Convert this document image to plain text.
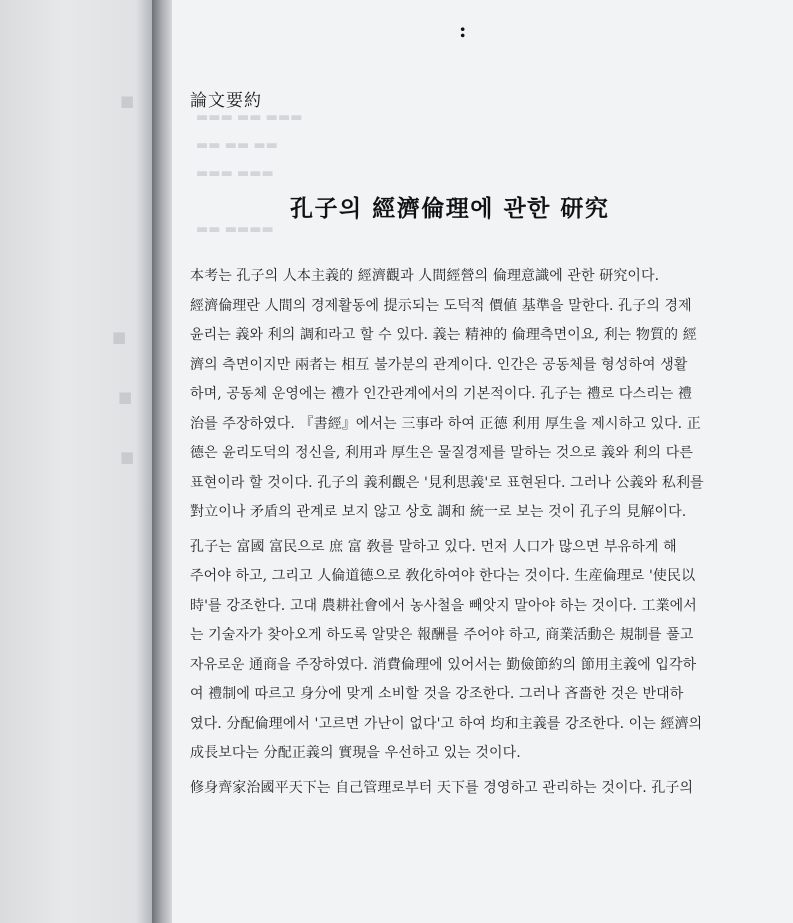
■
■
■
■
▬▬▬ ▬▬ ▬▬▬
▬▬ ▬▬ ▬▬
▬▬▬ ▬▬▬
▬▬ ▬▬▬▬
:
論文要約
孔子의 經濟倫理에 관한 研究
本考는 孔子의 人本主義的 經濟觀과 人間經營의 倫理意識에 관한 研究이다.
經濟倫理란 人間의 경제활동에 提示되는 도덕적 價値 基準을 말한다. 孔子의 경제
윤리는 義와 利의 調和라고 할 수 있다. 義는 精神的 倫理측면이요, 利는 物質的 經
濟의 측면이지만 兩者는 相互 불가분의 관계이다. 인간은 공동체를 형성하여 생활
하며, 공동체 운영에는 禮가 인간관계에서의 기본적이다. 孔子는 禮로 다스리는 禮
治를 주장하였다. 『書經』에서는 三事라 하여 正德 利用 厚生을 제시하고 있다. 正
德은 윤리도덕의 정신을, 利用과 厚生은 물질경제를 말하는 것으로 義와 利의 다른
표현이라 할 것이다. 孔子의 義利觀은 '見利思義'로 표현된다. 그러나 公義와 私利를
對立이나 矛盾의 관계로 보지 않고 상호 調和 統一로 보는 것이 孔子의 見解이다.
孔子는 富國 富民으로 庶 富 敎를 말하고 있다. 먼저 人口가 많으면 부유하게 해
주어야 하고, 그리고 人倫道德으로 敎化하여야 한다는 것이다. 生産倫理로 '使民以
時'를 강조한다. 고대 農耕社會에서 농사철을 빼앗지 말아야 하는 것이다. 工業에서
는 기술자가 찾아오게 하도록 알맞은 報酬를 주어야 하고, 商業活動은 規制를 풀고
자유로운 通商을 주장하였다. 消費倫理에 있어서는 勤儉節約의 節用主義에 입각하
여 禮制에 따르고 身分에 맞게 소비할 것을 강조한다. 그러나 吝嗇한 것은 반대하
였다. 分配倫理에서 '고르면 가난이 없다'고 하여 均和主義를 강조한다. 이는 經濟의
成長보다는 分配正義의 實現을 우선하고 있는 것이다.
修身齊家治國平天下는 自己管理로부터 天下를 경영하고 관리하는 것이다. 孔子의
